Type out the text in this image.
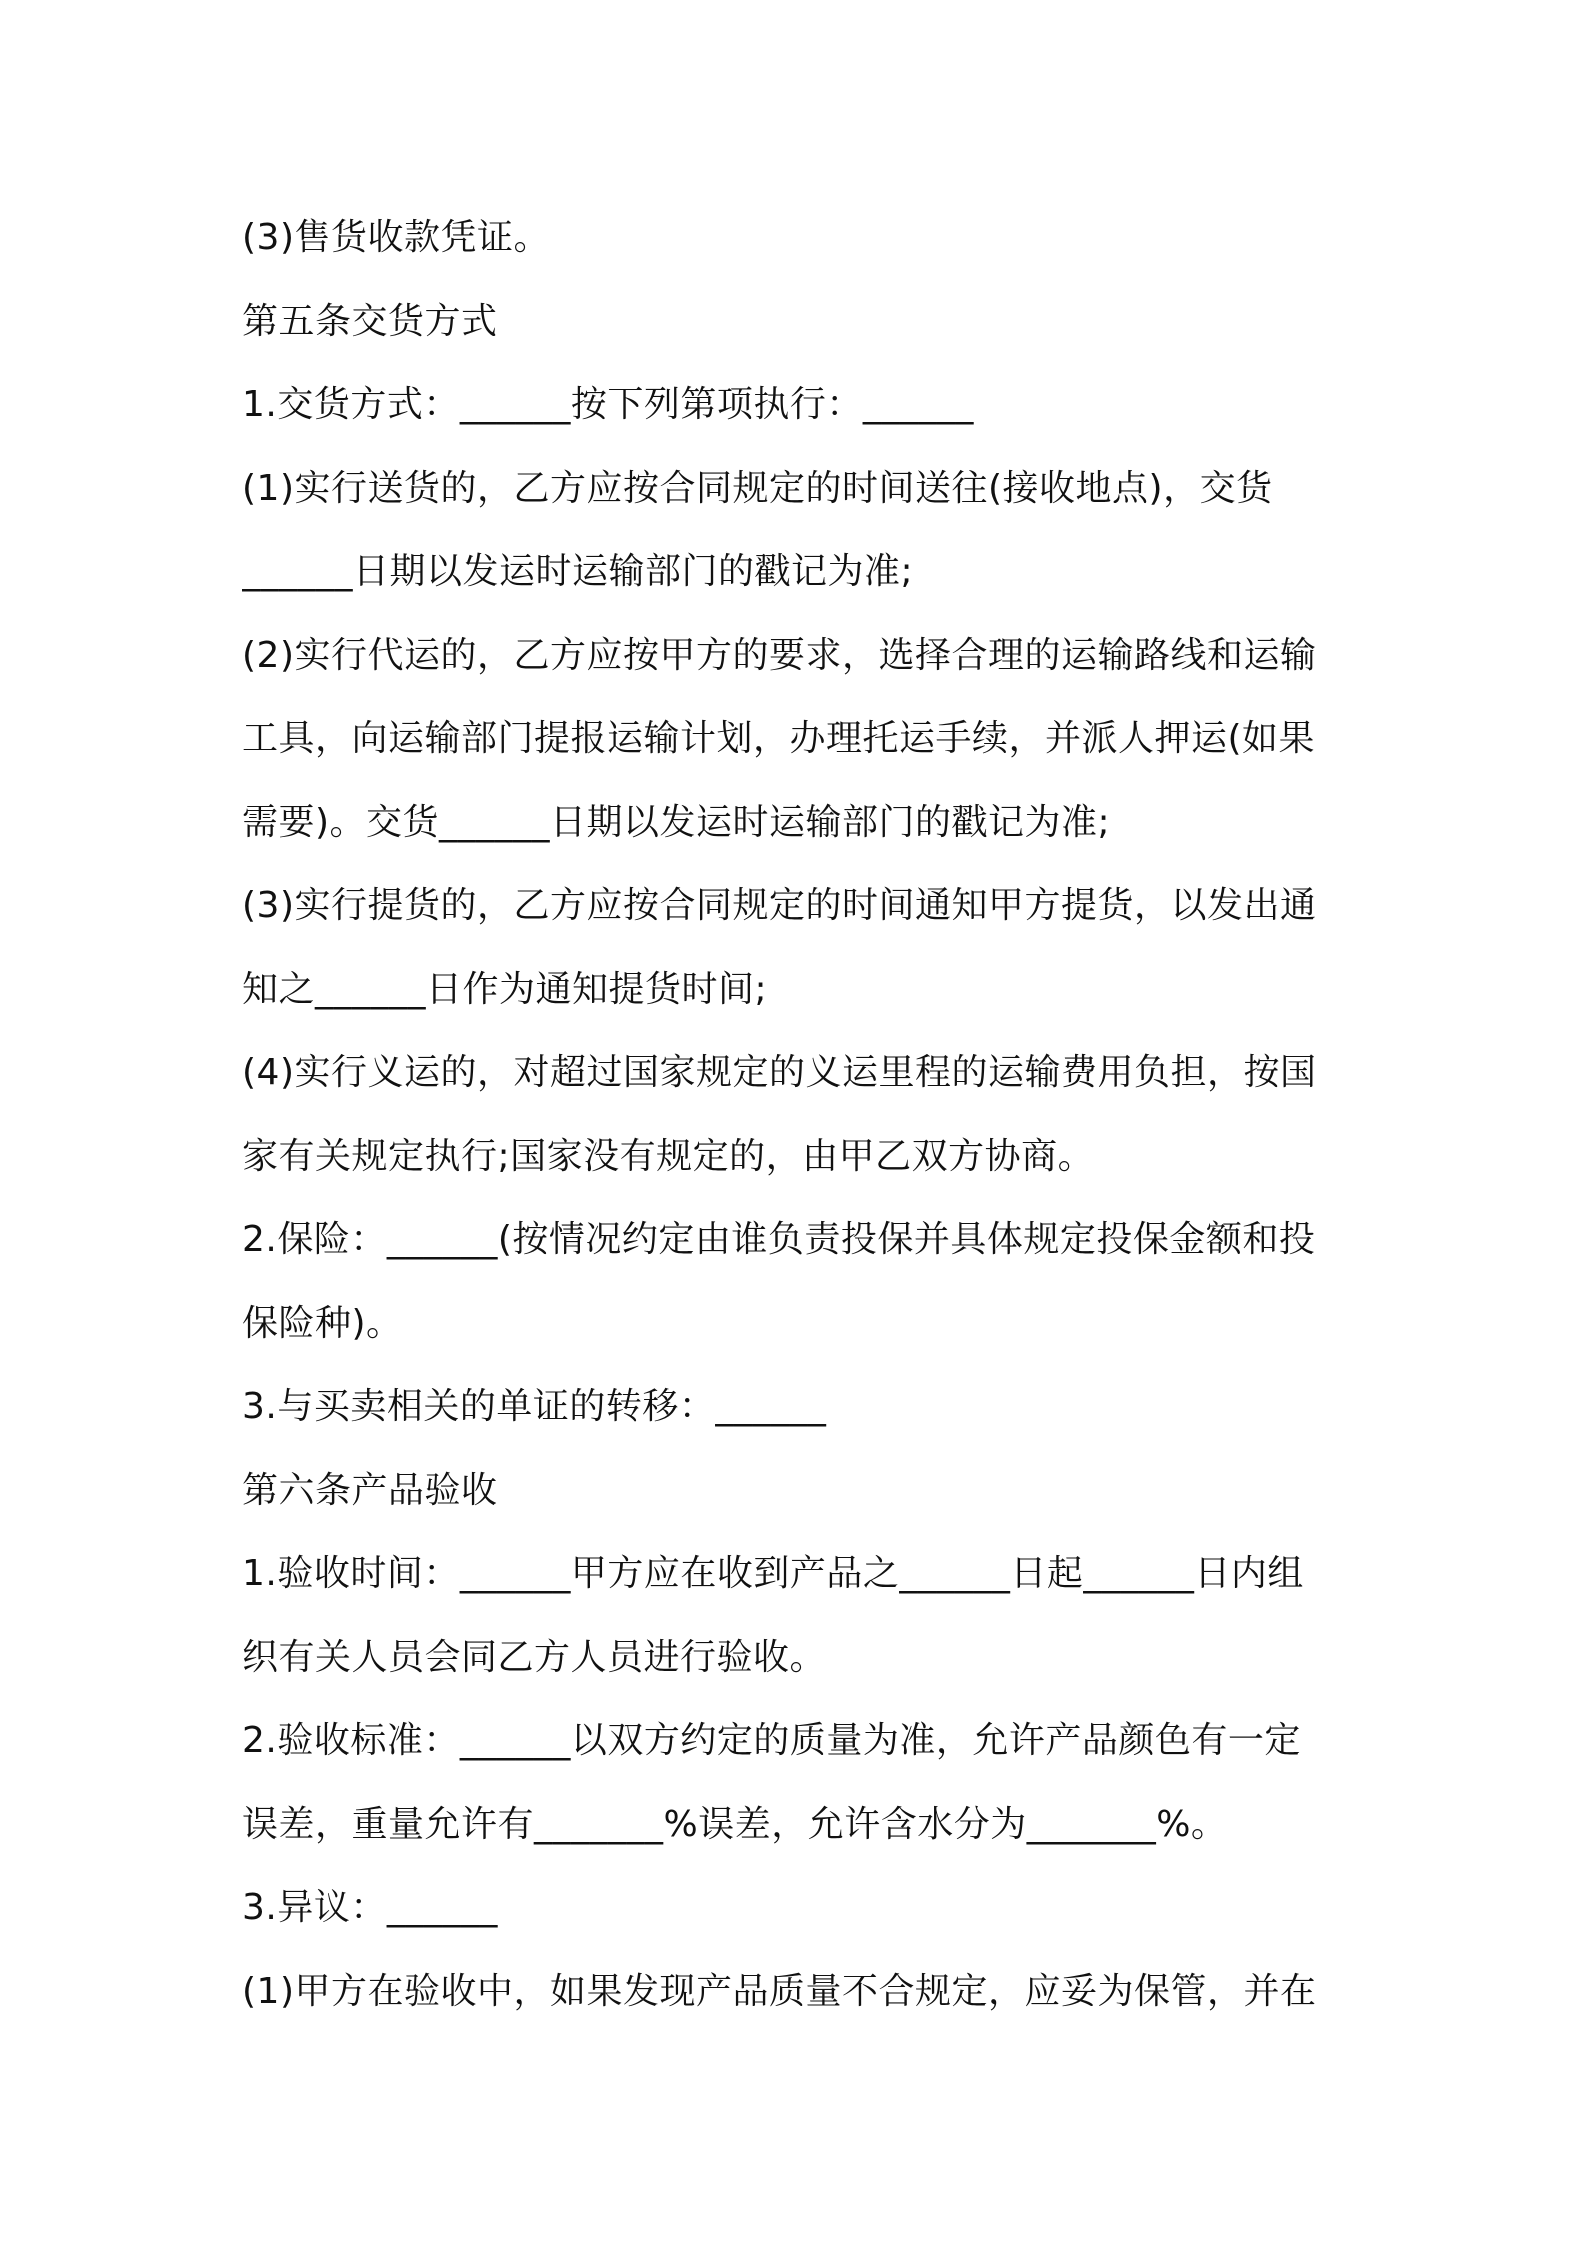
(3)售货收款凭证。
第五条交货方式
1.交货方式：______按下列第项执行：______
(1)实行送货的，乙方应按合同规定的时间送往(接收地点)，交货
______日期以发运时运输部门的戳记为准;
(2)实行代运的，乙方应按甲方的要求，选择合理的运输路线和运输
工具，向运输部门提报运输计划，办理托运手续，并派人押运(如果
需要)。交货______日期以发运时运输部门的戳记为准;
(3)实行提货的，乙方应按合同规定的时间通知甲方提货，以发出通
知之______日作为通知提货时间;
(4)实行义运的，对超过国家规定的义运里程的运输费用负担，按国
家有关规定执行;国家没有规定的，由甲乙双方协商。
2.保险：______(按情况约定由谁负责投保并具体规定投保金额和投
保险种)。
3.与买卖相关的单证的转移：______
第六条产品验收
1.验收时间：______甲方应在收到产品之______日起______日内组
织有关人员会同乙方人员进行验收。
2.验收标准：______以双方约定的质量为准，允许产品颜色有一定
误差，重量允许有_______%误差，允许含水分为_______%。
3.异议：______
(1)甲方在验收中，如果发现产品质量不合规定，应妥为保管，并在
